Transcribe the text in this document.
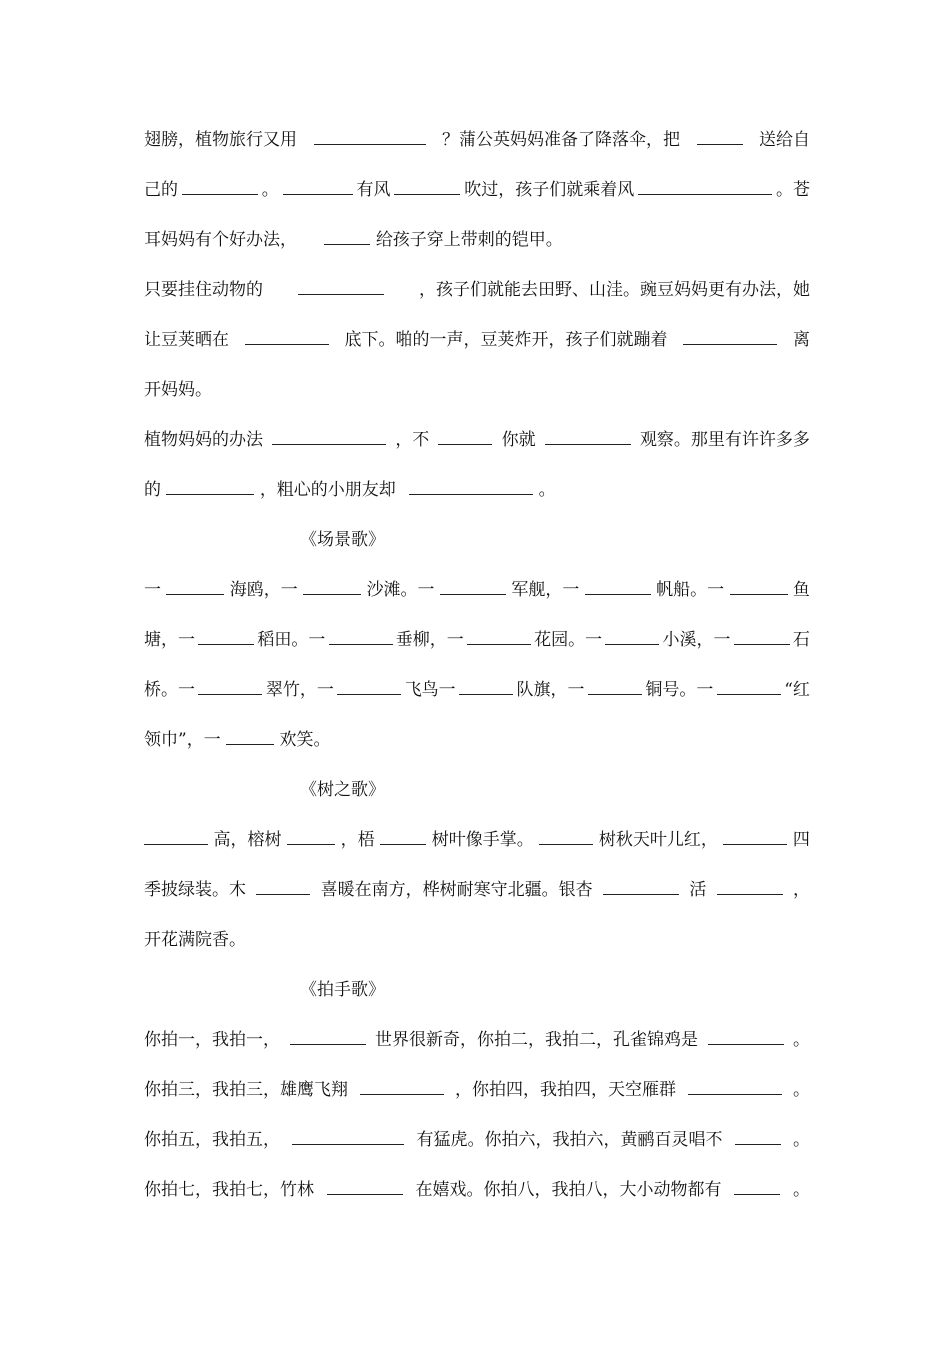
翅膀，植物旅行又用	？蒲公英妈妈准备了降落伞，把	送给自
己的	。	有风	吹过，孩子们就乘着风	。苍
耳妈妈有个好办法，	给孩子穿上带刺的铠甲。
只要挂住动物的	，孩子们就能去田野、山洼。豌豆妈妈更有办法，她
让豆荚晒在	底下。啪的一声，豆荚炸开，孩子们就蹦着	离
开妈妈。
植物妈妈的办法	，不	你就	观察。那里有许许多多
的	，粗心的小朋友却	。
《场景歌》
一	海鸥，一	沙滩。一	军舰，一	帆船。一	鱼
塘，一	稻田。一	垂柳，一	花园。一	小溪，一	石
桥。一	翠竹，一	飞鸟一	队旗，一	铜号。一	“红
领巾”，一	欢笑。
《树之歌》
高，榕树	，梧	树叶像手掌。	树秋天叶儿红，	四
季披绿装。木	喜暖在南方，桦树耐寒守北疆。银杏	活	，
开花满院香。
《拍手歌》
你拍一，我拍一，	世界很新奇，你拍二，我拍二，孔雀锦鸡是	。
你拍三，我拍三，雄鹰飞翔	，你拍四，我拍四，天空雁群	。
你拍五，我拍五，	有猛虎。你拍六，我拍六，黄鹂百灵唱不	。
你拍七，我拍七，竹林	在嬉戏。你拍八，我拍八，大小动物都有	。
